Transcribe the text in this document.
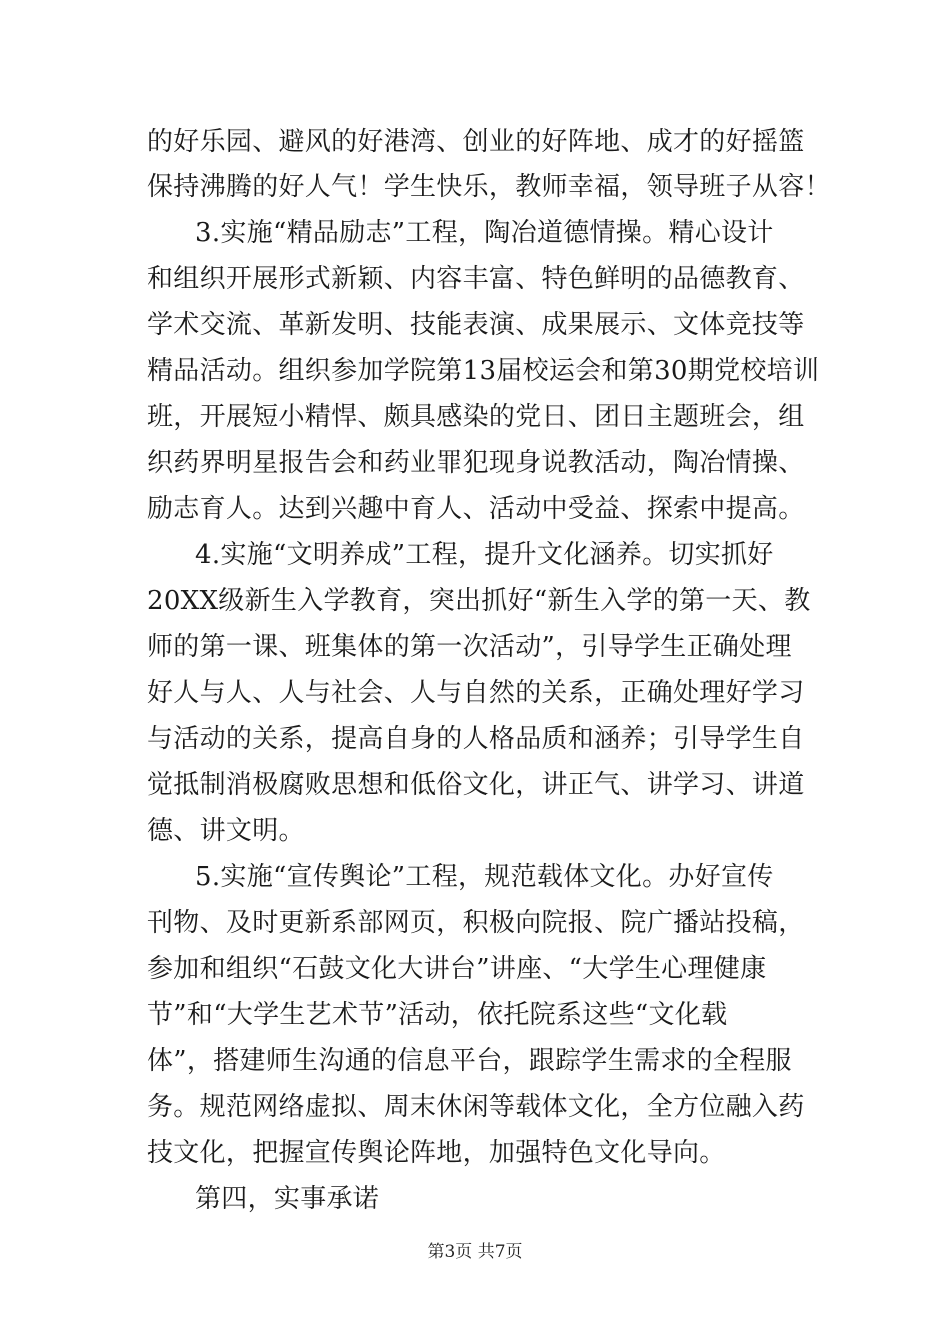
的好乐园、避风的好港湾、创业的好阵地、成才的好摇篮
保持沸腾的好人气！学生快乐，教师幸福，领导班子从容！
3.实施“精品励志”工程，陶冶道德情操。精心设计
和组织开展形式新颖、内容丰富、特色鲜明的品德教育、
学术交流、革新发明、技能表演、成果展示、文体竞技等
精品活动。组织参加学院第13届校运会和第30期党校培训
班，开展短小精悍、颇具感染的党日、团日主题班会，组
织药界明星报告会和药业罪犯现身说教活动，陶冶情操、
励志育人。达到兴趣中育人、活动中受益、探索中提高。
4.实施“文明养成”工程，提升文化涵养。切实抓好
20XX级新生入学教育，突出抓好“新生入学的第一天、教
师的第一课、班集体的第一次活动”，引导学生正确处理
好人与人、人与社会、人与自然的关系，正确处理好学习
与活动的关系，提高自身的人格品质和涵养；引导学生自
觉抵制消极腐败思想和低俗文化，讲正气、讲学习、讲道
德、讲文明。
5.实施“宣传舆论”工程，规范载体文化。办好宣传
刊物、及时更新系部网页，积极向院报、院广播站投稿，
参加和组织“石鼓文化大讲台”讲座、“大学生心理健康
节”和“大学生艺术节”活动，依托院系这些“文化载
体”，搭建师生沟通的信息平台，跟踪学生需求的全程服
务。规范网络虚拟、周末休闲等载体文化，全方位融入药
技文化，把握宣传舆论阵地，加强特色文化导向。
第四，实事承诺
第3页 共7页
